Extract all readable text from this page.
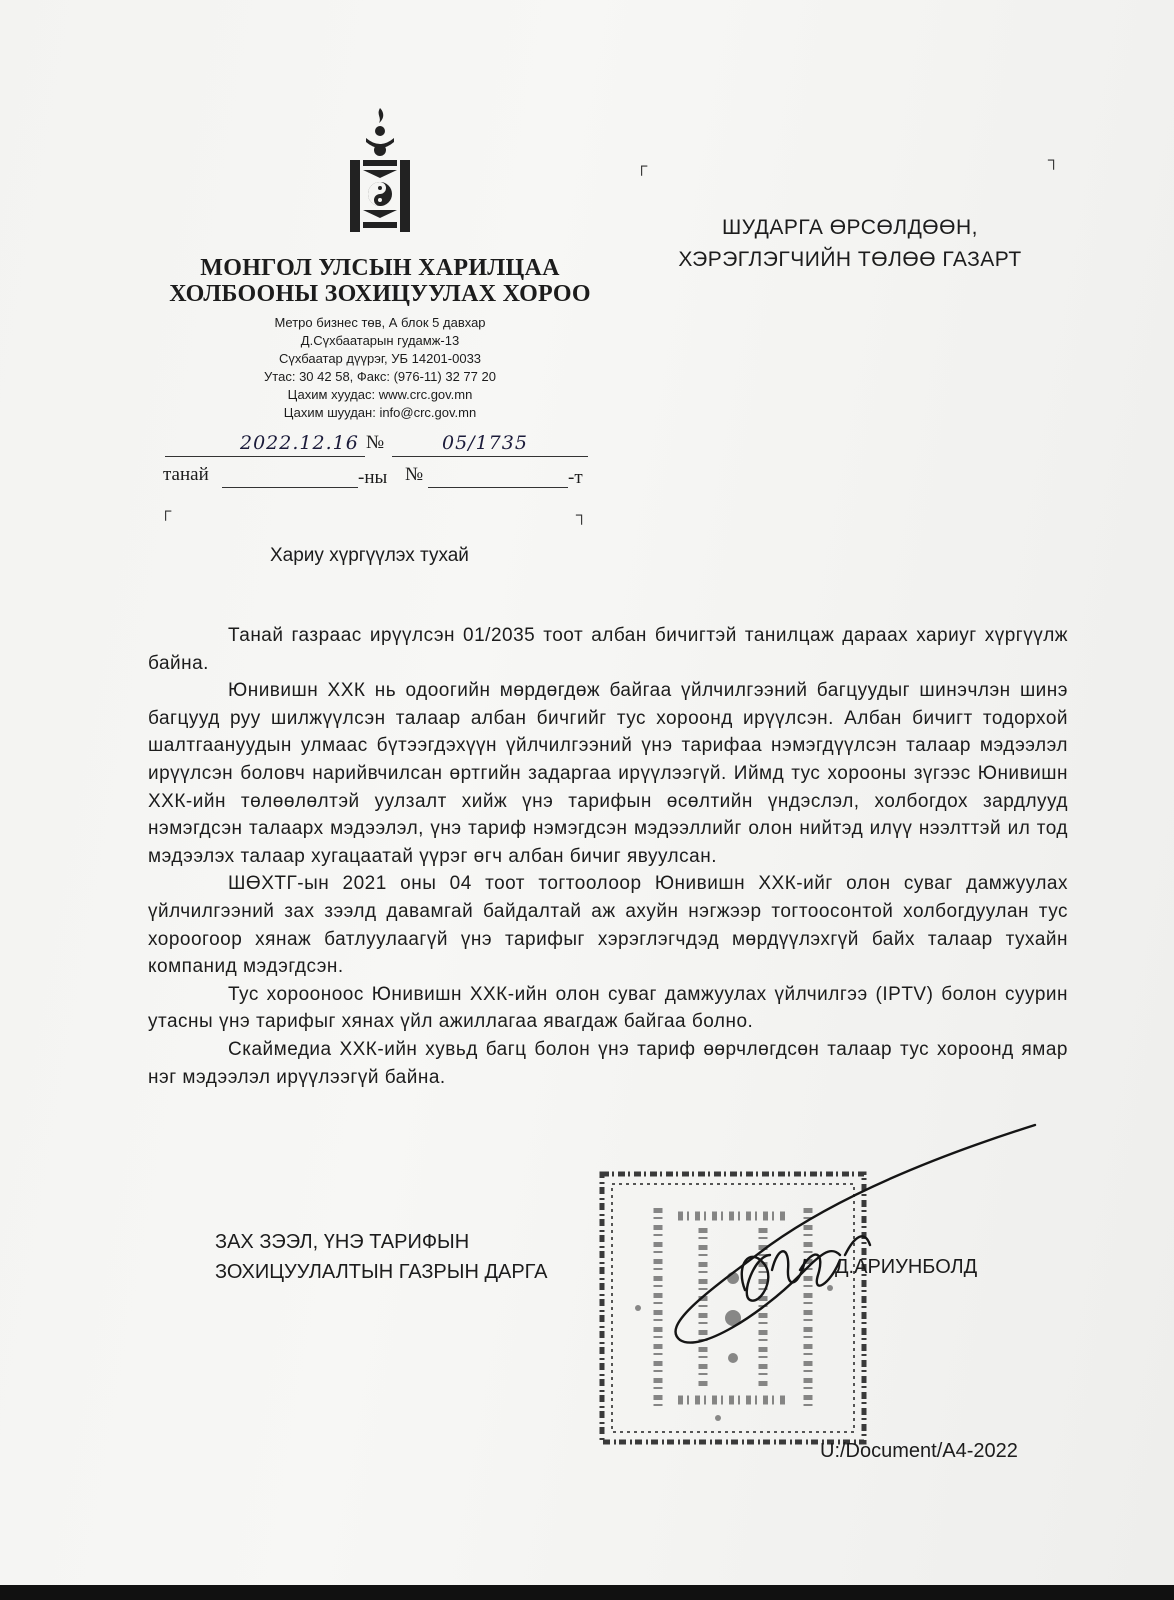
МОНГОЛ УЛСЫН ХАРИЛЦАА
ХОЛБООНЫ ЗОХИЦУУЛАХ ХОРОО
Метро бизнес төв, А блок 5 давхар
Д.Сүхбаатарын гудамж-13
Сүхбаатар дүүрэг, УБ 14201-0033
Утас: 30 42 58, Факс: (976-11) 32 77 20
Цахим хуудас: www.crc.gov.mn
Цахим шуудан: info@crc.gov.mn
┌	┐
┌	┐
ШУДАРГА ӨРСӨЛДӨӨН,
ХЭРЭГЛЭГЧИЙН ТӨЛӨӨ ГАЗАРТ
2022.12.16 №	05/1735
танай	-ны №	-т
Хариу хүргүүлэх тухай

Танай газраас ирүүлсэн 01/2035 тоот албан бичигтэй танилцаж дараах хариуг хүргүүлж байна.

Юнивишн ХХК нь одоогийн мөрдөгдөж байгаа үйлчилгээний багцуудыг шинэчлэн шинэ багцууд руу шилжүүлсэн талаар албан бичгийг тус хороонд ирүүлсэн. Албан бичигт тодорхой шалтгаануудын улмаас бүтээгдэхүүн үйлчилгээний үнэ тарифаа нэмэгдүүлсэн талаар мэдээлэл ирүүлсэн боловч нарийвчилсан өртгийн задаргаа ирүүлээгүй. Иймд тус хорооны зүгээс Юнивишн ХХК-ийн төлөөлөлтэй уулзалт хийж үнэ тарифын өсөлтийн үндэслэл, холбогдох зардлууд нэмэгдсэн талаарх мэдээлэл, үнэ тариф нэмэгдсэн мэдээллийг олон нийтэд илүү нээлттэй ил тод мэдээлэх талаар хугацаатай үүрэг өгч албан бичиг явуулсан.

ШӨХТГ-ын 2021 оны 04 тоот тогтоолоор Юнивишн ХХК-ийг олон суваг дамжуулах үйлчилгээний зах зээлд давамгай байдалтай аж ахуйн нэгжээр тогтоосонтой холбогдуулан тус хороогоор хянаж батлуулаагүй үнэ тарифыг хэрэглэгчдэд мөрдүүлэхгүй байх талаар тухайн компанид мэдэгдсэн.

Тус хорооноос Юнивишн ХХК-ийн олон суваг дамжуулах үйлчилгээ (IPTV) болон суурин утасны үнэ тарифыг хянах үйл ажиллагаа явагдаж байгаа болно.

Скаймедиа ХХК-ийн хувьд багц болон үнэ тариф өөрчлөгдсөн талаар тус хороонд ямар нэг мэдээлэл ирүүлээгүй байна.

ЗАХ ЗЭЭЛ, ҮНЭ ТАРИФЫН
ЗОХИЦУУЛАЛТЫН ГАЗРЫН ДАРГА	Д.АРИУНБОЛД
U:/Document/A4-2022
